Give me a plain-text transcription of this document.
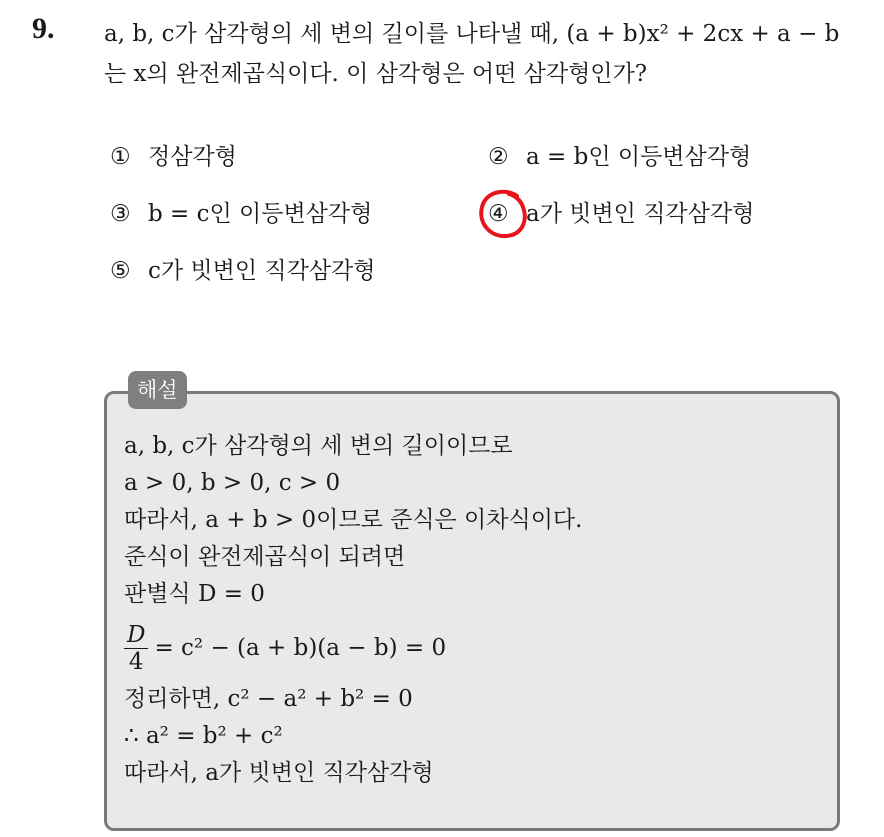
9. a, b, c가 삼각형의 세 변의 길이를 나타낼 때, (a + b)x² + 2cx + a − b
는 x의 완전제곱식이다. 이 삼각형은 어떤 삼각형인가?
① 정삼각형	② a = b인 이등변삼각형
③ b = c인 이등변삼각형	④ a가 빗변인 직각삼각형
⑤ c가 빗변인 직각삼각형
해설
a, b, c가 삼각형의 세 변의 길이이므로
a > 0, b > 0, c > 0
따라서, a + b > 0이므로 준식은 이차식이다.
준식이 완전제곱식이 되려면
판별식 D = 0
$\frac{D}{4} = c^2 - (a + b)(a - b) = 0$
정리하면, c² − a² + b² = 0
∴ a² = b² + c²
따라서, a가 빗변인 직각삼각형
